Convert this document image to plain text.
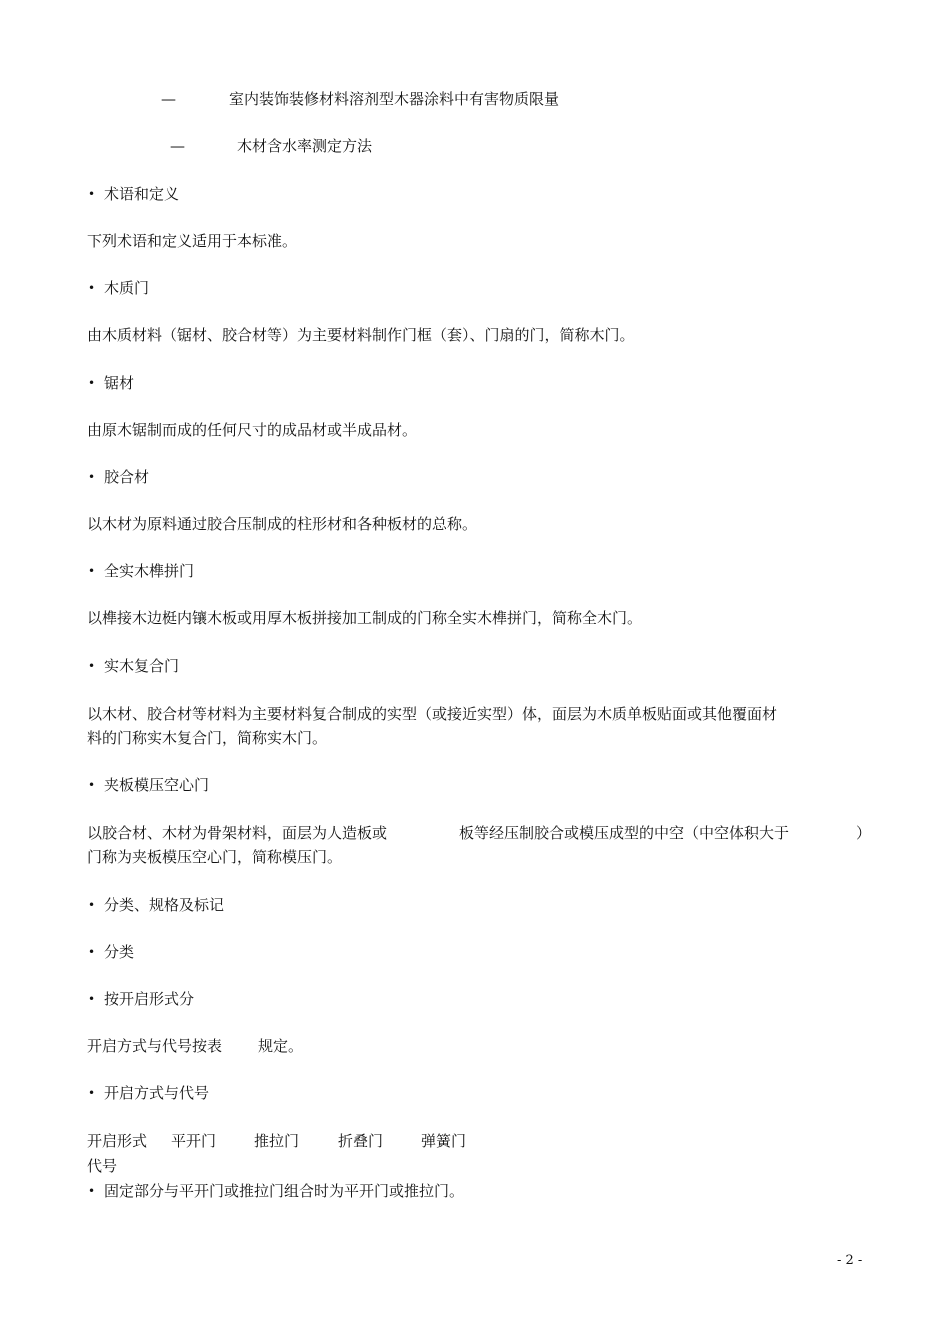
—	室内装饰装修材料溶剂型木器涂料中有害物质限量
—	木材含水率测定方法
• 术语和定义
下列术语和定义适用于本标准。
• 木质门
由木质材料（锯材、胶合材等）为主要材料制作门框（套）、门扇的门，简称木门。
• 锯材
由原木锯制而成的任何尺寸的成品材或半成品材。
• 胶合材
以木材为原料通过胶合压制成的柱形材和各种板材的总称。
• 全实木榫拼门
以榫接木边梃内镶木板或用厚木板拼接加工制成的门称全实木榫拼门，简称全木门。
• 实木复合门
以木材、胶合材等材料为主要材料复合制成的实型（或接近实型）体，面层为木质单板贴面或其他覆面材
料的门称实木复合门，简称实木门。
• 夹板模压空心门
以胶合材、木材为骨架材料，面层为人造板或	板等经压制胶合或模压成型的中空（中空体积大于	）
门称为夹板模压空心门，简称模压门。
• 分类、规格及标记
• 分类
• 按开启形式分
开启方式与代号按表 规定。
• 开启方式与代号
开启形式 平开门	推拉门	折叠门	弹簧门
代号
• 固定部分与平开门或推拉门组合时为平开门或推拉门。
- 2 -
